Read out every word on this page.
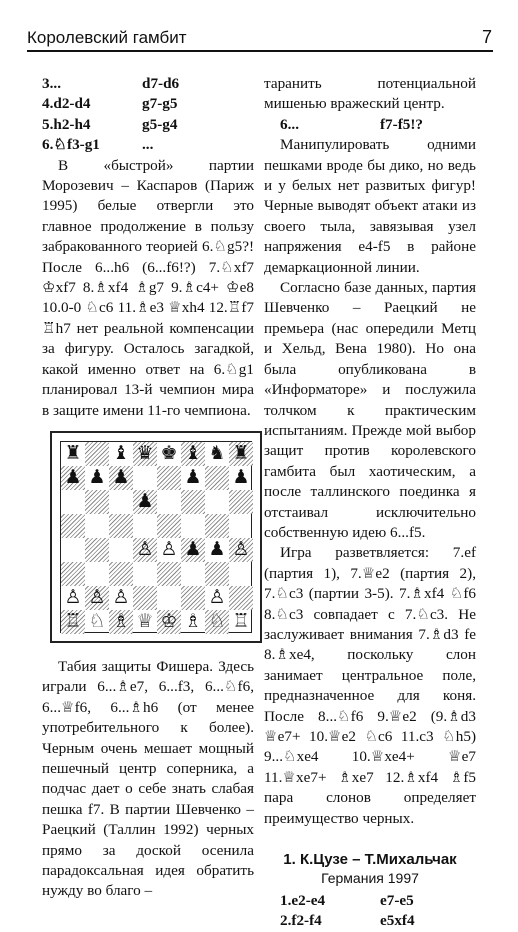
Королевский гамбит	7
3...	d7-d6
4.d2-d4	g7-g5
5.h2-h4	g5-g4
6.♘f3-g1	...

В «быстрой» партии Морозевич – Каспаров (Париж 1995) белые отвергли это главное продолжение в пользу забракованного теорией 6.♘g5?! После 6...h6 (6...f6!?) 7.♘xf7 ♔xf7 8.♗xf4 ♗g7 9.♗c4+ ♔e8 10.0-0 ♘c6 11.♗e3 ♕xh4 12.♖f7 ♖h7 нет реальной компенсации за фигуру. Осталось загадкой, какой именно ответ на 6.♘g1 планировал 13-й чемпион мира в защите имени 11-го чемпиона.

♜ ♝ ♛ ♚ ♝ ♞ ♜
♟ ♟ ♟	♟ ♟
♟
♙ ♙ ♟ ♟ ♙
♙ ♙ ♙	♙
♖ ♘ ♗ ♕ ♔ ♗ ♘ ♖

Табия защиты Фишера. Здесь играли 6...♗e7, 6...f3, 6...♘f6, 6...♕f6, 6...♗h6 (от менее употребительного к более). Черным очень мешает мощный пешечный центр соперника, а подчас дает о себе знать слабая пешка f7. В партии Шевченко – Раецкий (Таллин 1992) черных прямо за доской осенила парадоксальная идея обратить нужду во благо –

таранить потенциальной мишенью вражеский центр.

6...	f7-f5!?

Манипулировать одними пешками вроде бы дико, но ведь и у белых нет развитых фигур! Черные выводят объект атаки из своего тыла, завязывая узел напряжения e4-f5 в районе демаркационной линии.

Согласно базе данных, партия Шевченко – Раецкий не премьера (нас опередили Метц и Хельд, Вена 1980). Но она была опубликована в «Информаторе» и послужила толчком к практическим испытаниям. Прежде мой выбор защит против королевского гамбита был хаотическим, а после таллинского поединка я отстаивал исключительно собственную идею 6...f5.

Игра разветвляется: 7.ef (партия 1), 7.♕e2 (партия 2), 7.♘c3 (партии 3-5). 7.♗xf4 ♘f6 8.♘c3 совпадает с 7.♘c3. Не заслуживает внимания 7.♗d3 fe 8.♗xe4, поскольку слон занимает центральное поле, предназначенное для коня. После 8...♘f6 9.♕e2 (9.♗d3 ♕e7+ 10.♕e2 ♘c6 11.c3 ♘h5) 9...♘xe4 10.♕xe4+ ♕e7 11.♕xe7+ ♗xe7 12.♗xf4 ♗f5 пара слонов определяет преимущество черных.

1. К.Цузе – Т.Михальчак
Германия 1997
1.e2-e4	e7-e5
2.f2-f4	e5xf4
